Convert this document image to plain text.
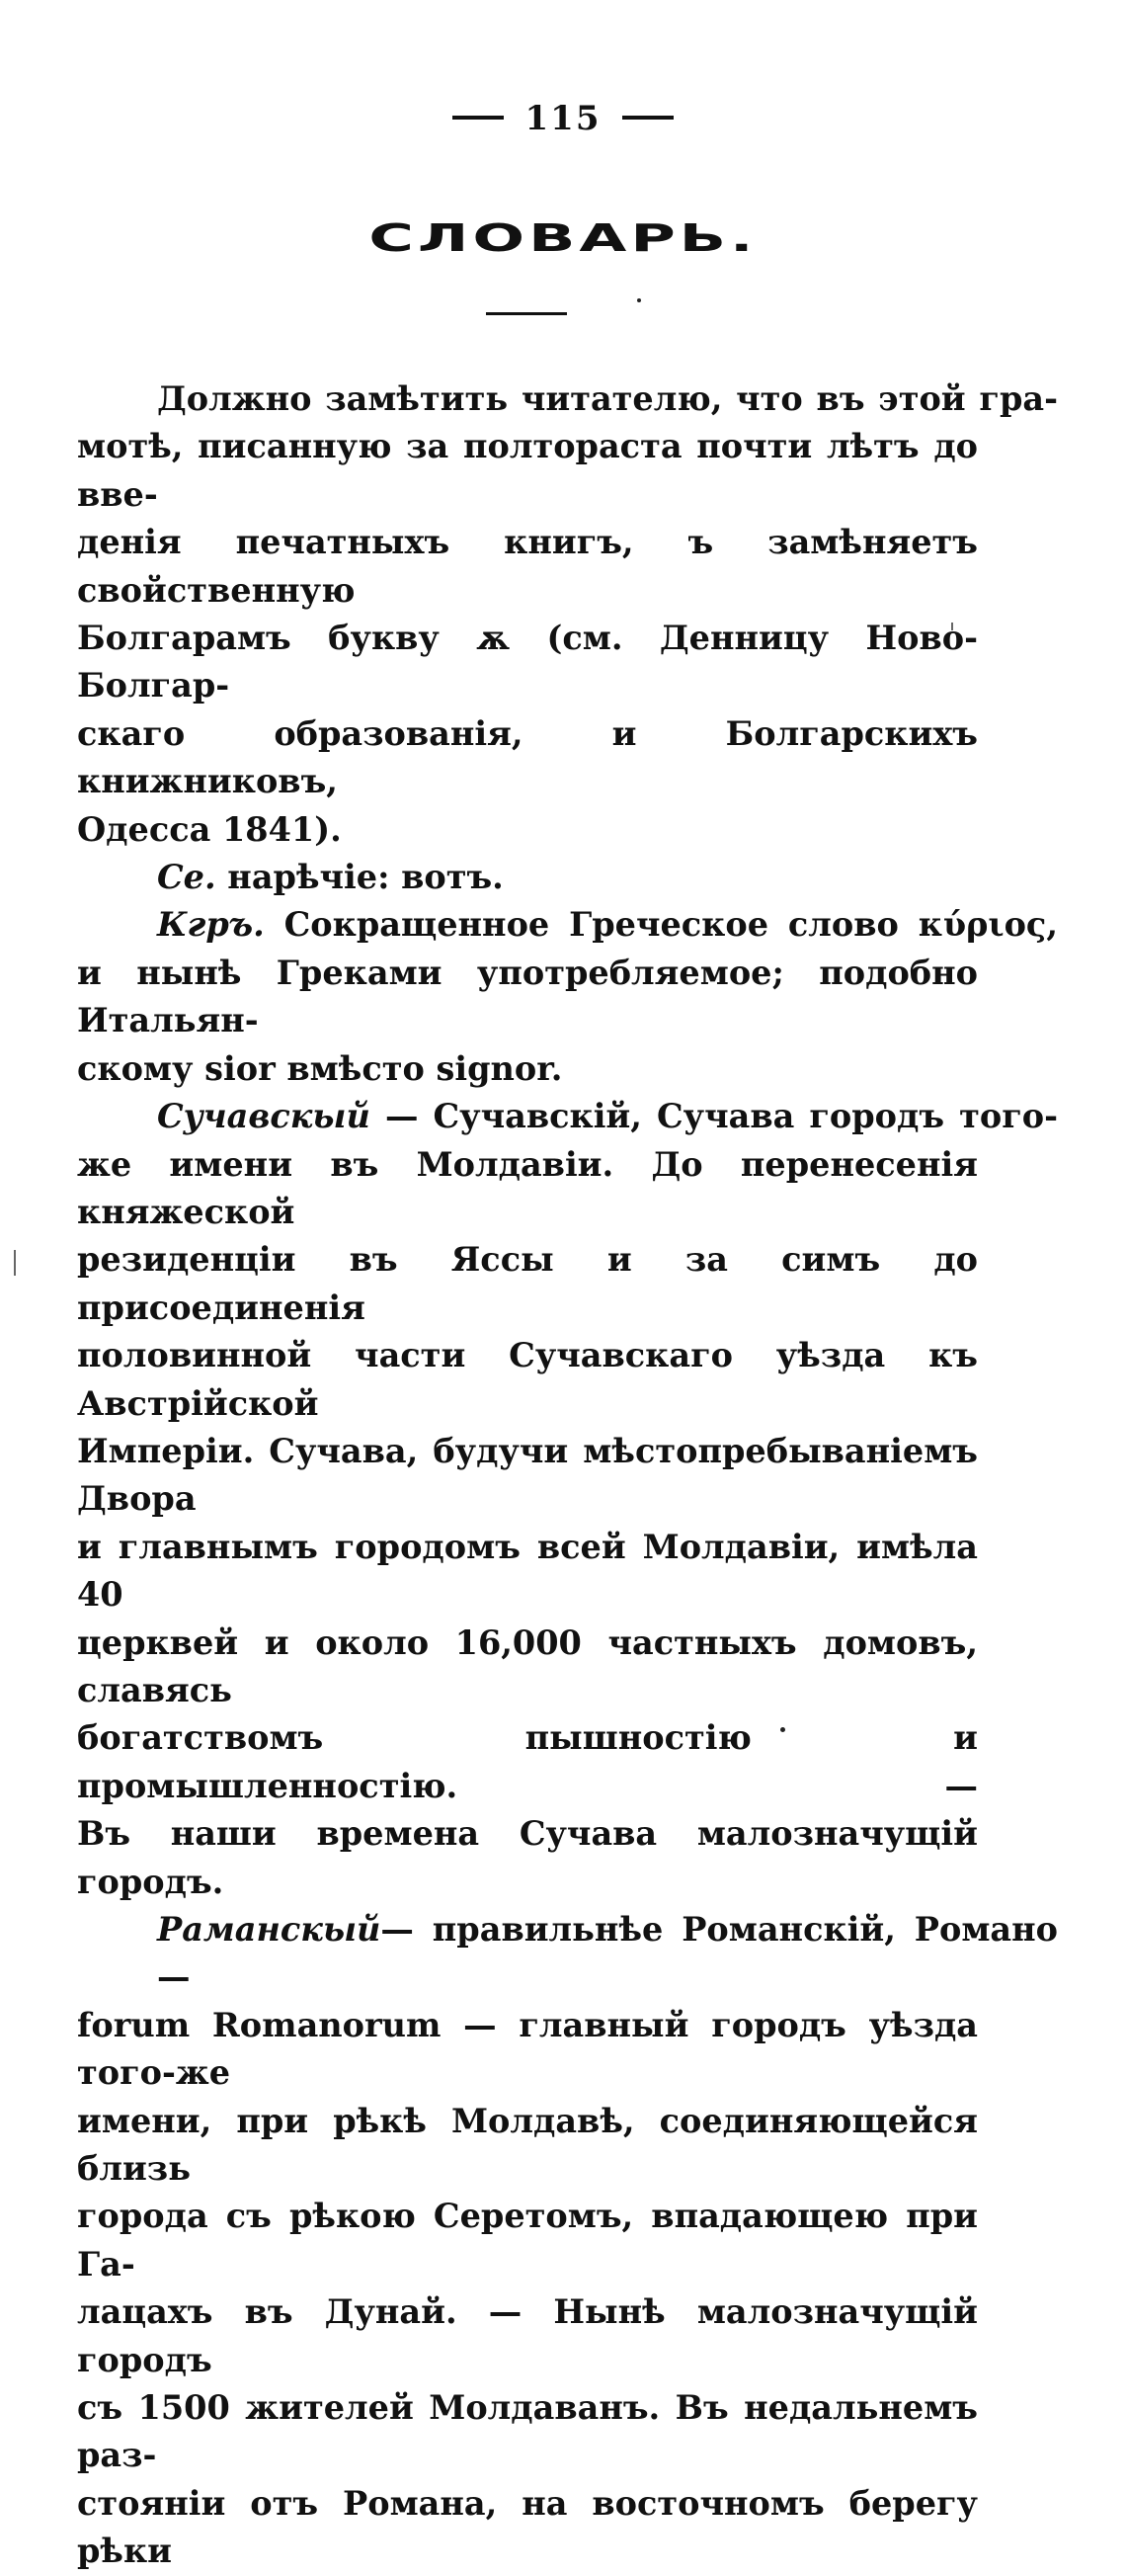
115
СЛОВАРЬ.
Должно замѣтить читателю, что въ этой гра-
мотѣ, писанную за полтораста почти лѣтъ до вве-
денія печатныхъ книгъ, ъ замѣняетъ свойственную
Болгарамъ букву ѫ (см. Денницу Ново-Болгар-
скаго образованія, и Болгарскихъ книжниковъ,
Одесса 1841).
Се. нарѣчіе: вотъ.
Кгръ. Сокращенное Греческое слово κύριος,
и нынѣ Греками употребляемое; подобно Итальян-
скому sior вмѣсто signor.
Сучавскый — Сучавскій, Сучава городъ того-
же имени въ Молдавіи. До перенесенія княжеской
резиденціи въ Яссы и за симъ до присоединенія
половинной части Сучавскаго уѣзда къ Австрійской
Имперіи. Сучава, будучи мѣстопребываніемъ Двора
и главнымъ городомъ всей Молдавіи, имѣла 40
церквей и около 16,000 частныхъ домовъ, славясь
богатствомъ пышностію и промышленностію. —
Въ наши времена Сучава малозначущій городъ.
Раманскый— правильнѣе Романскій, Романо —
forum Romanorum — главный городъ уѣзда того-же
имени, при рѣкѣ Молдавѣ, соединяющейся близь
города съ рѣкою Серетомъ, впадающею при Га-
лацахъ въ Дунай. — Нынѣ малозначущій городъ
съ 1500 жителей Молдаванъ. Въ недальнемъ раз-
стояніи отъ Романа, на восточномъ берегу рѣки
